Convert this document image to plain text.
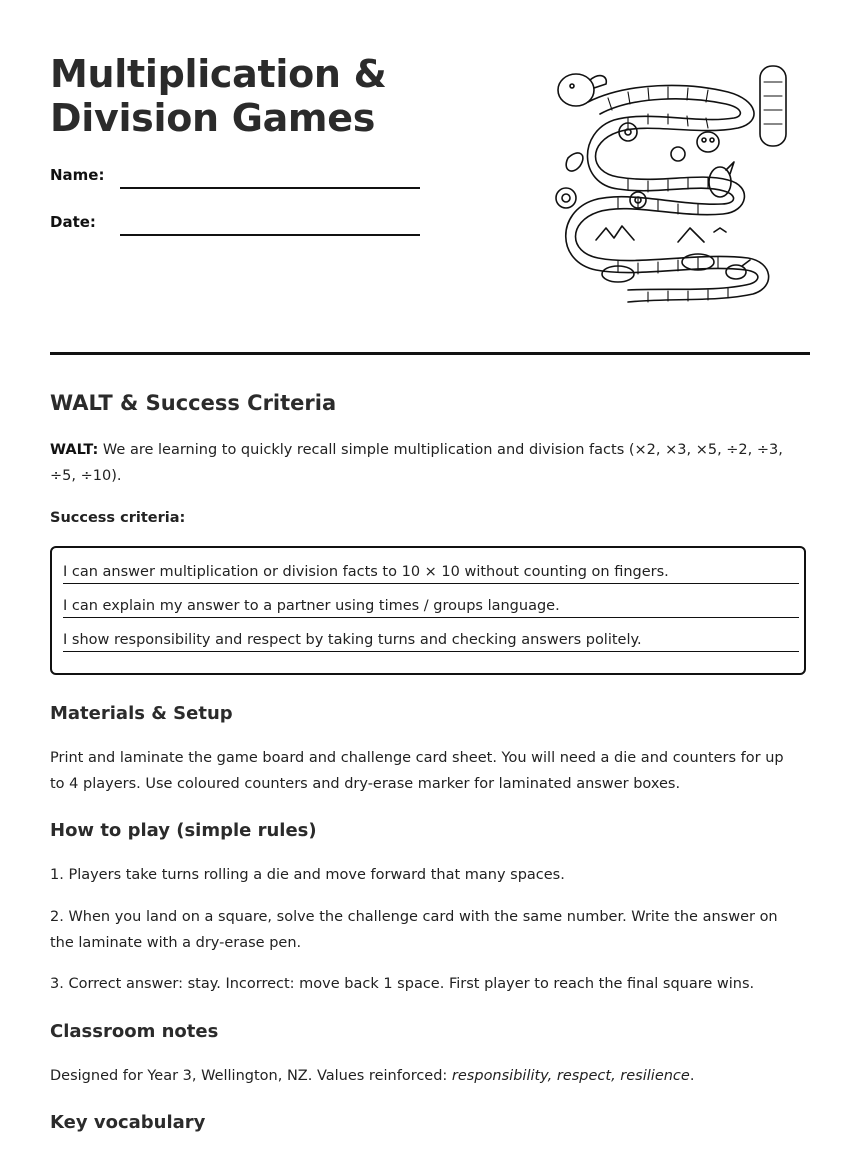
Multiplication &
Division Games
Name:
Date:
WALT & Success Criteria

WALT: We are learning to quickly recall simple multiplication and division facts (×2, ×3, ×5, ÷2, ÷3, ÷5, ÷10).

Success criteria:

I can answer multiplication or division facts to 10 × 10 without counting on fingers.
I can explain my answer to a partner using times / groups language.
I show responsibility and respect by taking turns and checking answers politely.
Materials & Setup

Print and laminate the game board and challenge card sheet. You will need a die and counters for up to 4 players. Use coloured counters and dry-erase marker for laminated answer boxes.

How to play (simple rules)

1. Players take turns rolling a die and move forward that many spaces.

2. When you land on a square, solve the challenge card with the same number. Write the answer on the laminate with a dry-erase pen.

3. Correct answer: stay. Incorrect: move back 1 space. First player to reach the final square wins.

Classroom notes

Designed for Year 3, Wellington, NZ. Values reinforced: responsibility, respect, resilience.

Key vocabulary
